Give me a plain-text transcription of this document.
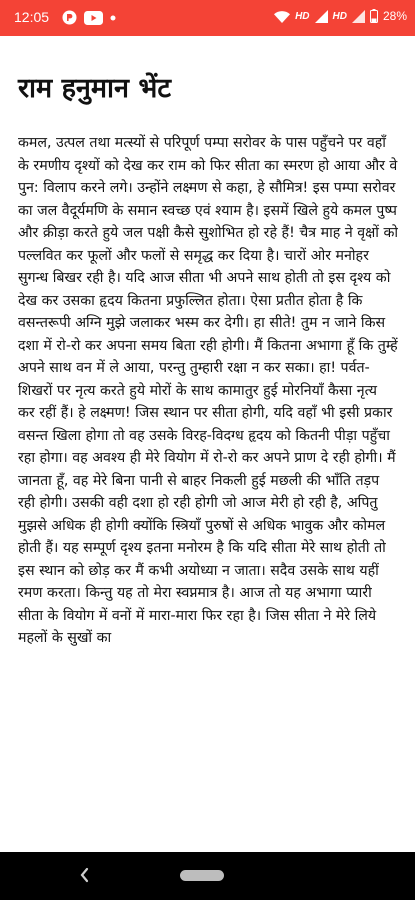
12:05	HD HD	28%
राम हनुमान भेंट

कमल, उत्पल तथा मत्स्यों से परिपूर्ण पम्पा सरोवर के पास पहुँचने पर वहाँ के रमणीय दृश्यों को देख कर राम को फिर सीता का स्मरण हो आया और वे पुन: विलाप करने लगे। उन्होंने लक्ष्मण से कहा, हे सौमित्र! इस पम्पा सरोवर का जल वैदूर्यमणि के समान स्वच्छ एवं श्याम है। इसमें खिले हुये कमल पुष्प और क्रीड़ा करते हुये जल पक्षी कैसे सुशोभित हो रहे हैं! चैत्र माह ने वृक्षों को पल्लवित कर फूलों और फलों से समृद्ध कर दिया है। चारों ओर मनोहर सुगन्ध बिखर रही है। यदि आज सीता भी अपने साथ होती तो इस दृश्य को देख कर उसका हृदय कितना प्रफुल्लित होता। ऐसा प्रतीत होता है कि वसन्तरूपी अग्नि मुझे जलाकर भस्म कर देगी। हा सीते! तुम न जाने किस दशा में रो-रो कर अपना समय बिता रही होगी। मैं कितना अभागा हूँ कि तुम्हें अपने साथ वन में ले आया, परन्तु तुम्हारी रक्षा न कर सका। हा! पर्वत-शिखरों पर नृत्य करते हुये मोरों के साथ कामातुर हुई मोरनियाँ कैसा नृत्य कर रहीं हैं। हे लक्ष्मण! जिस स्थान पर सीता होगी, यदि वहाँ भी इसी प्रकार वसन्त खिला होगा तो वह उसके विरह-विदग्ध हृदय को कितनी पीड़ा पहुँचा रहा होगा। वह अवश्य ही मेरे वियोग में रो-रो कर अपने प्राण दे रही होगी। मैं जानता हूँ, वह मेरे बिना पानी से बाहर निकली हुई मछली की भाँति तड़प रही होगी। उसकी वही दशा हो रही होगी जो आज मेरी हो रही है, अपितु मुझसे अधिक ही होगी क्योंकि स्त्रियाँ पुरुषों से अधिक भावुक और कोमल होती हैं। यह सम्पूर्ण दृश्य इतना मनोरम है कि यदि सीता मेरे साथ होती तो इस स्थान को छोड़ कर मैं कभी अयोध्या न जाता। सदैव उसके साथ यहीं रमण करता। किन्तु यह तो मेरा स्वप्नमात्र है। आज तो यह अभागा प्यारी सीता के वियोग में वनों में मारा-मारा फिर रहा है। जिस सीता ने मेरे लिये महलों के सुखों का
